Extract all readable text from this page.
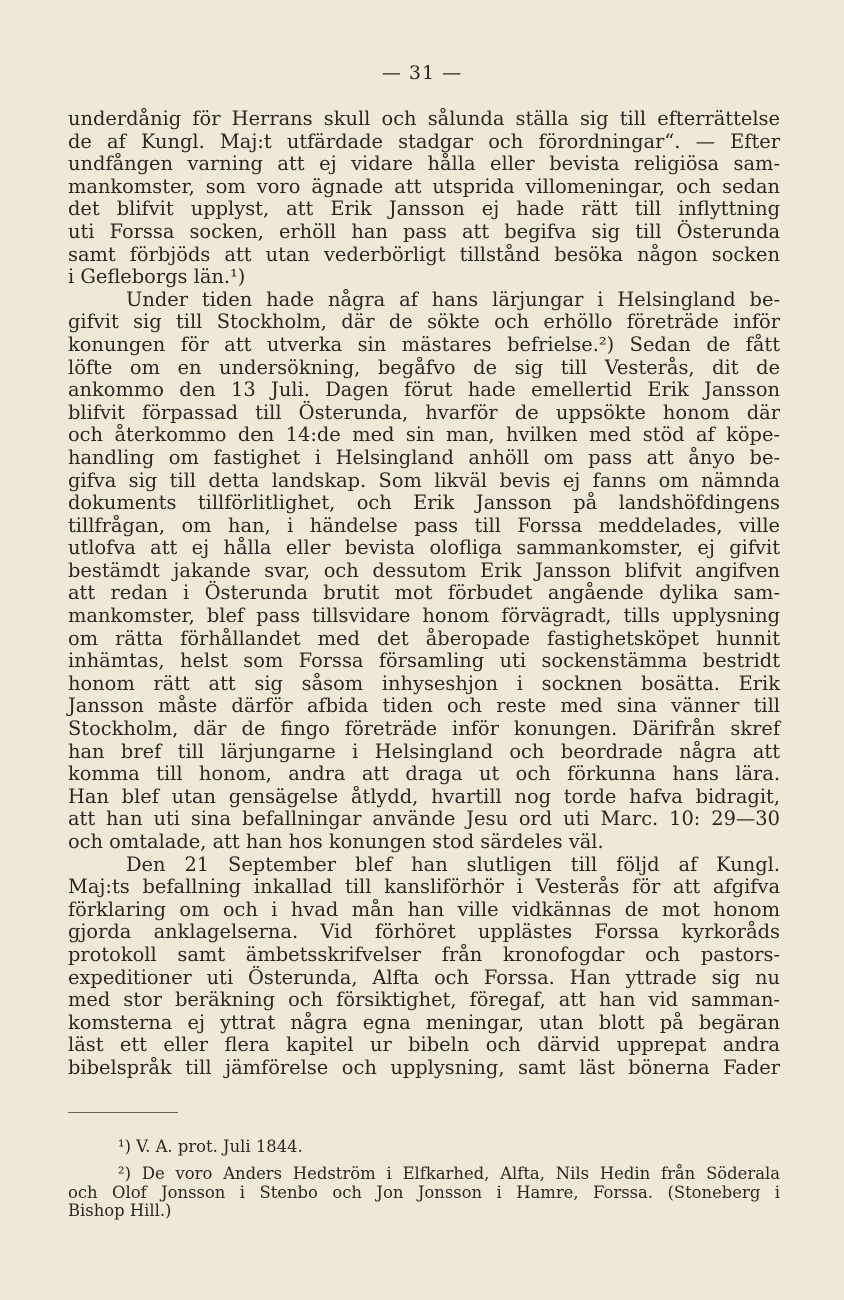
— 31 —
underdånig för Herrans skull och sålunda ställa sig till efterrättelse
de af Kungl. Maj:t utfärdade stadgar och förordningar“. — Efter
undfången varning att ej vidare hålla eller bevista religiösa sam-
mankomster, som voro ägnade att utsprida villomeningar, och sedan
det blifvit upplyst, att Erik Jansson ej hade rätt till inflyttning
uti Forssa socken, erhöll han pass att begifva sig till Österunda
samt förbjöds att utan vederbörligt tillstånd besöka någon socken
i Gefleborgs län.¹)
Under tiden hade några af hans lärjungar i Helsingland be-
gifvit sig till Stockholm, där de sökte och erhöllo företräde inför
konungen för att utverka sin mästares befrielse.²) Sedan de fått
löfte om en undersökning, begåfvo de sig till Vesterås, dit de
ankommo den 13 Juli. Dagen förut hade emellertid Erik Jansson
blifvit förpassad till Österunda, hvarför de uppsökte honom där
och återkommo den 14:de med sin man, hvilken med stöd af köpe-
handling om fastighet i Helsingland anhöll om pass att ånyo be-
gifva sig till detta landskap. Som likväl bevis ej fanns om nämnda
dokuments tillförlitlighet, och Erik Jansson på landshöfdingens
tillfrågan, om han, i händelse pass till Forssa meddelades, ville
utlofva att ej hålla eller bevista olofliga sammankomster, ej gifvit
bestämdt jakande svar, och dessutom Erik Jansson blifvit angifven
att redan i Österunda brutit mot förbudet angående dylika sam-
mankomster, blef pass tillsvidare honom förvägradt, tills upplysning
om rätta förhållandet med det åberopade fastighetsköpet hunnit
inhämtas, helst som Forssa församling uti sockenstämma bestridt
honom rätt att sig såsom inhyseshjon i socknen bosätta. Erik
Jansson måste därför afbida tiden och reste med sina vänner till
Stockholm, där de fingo företräde inför konungen. Därifrån skref
han bref till lärjungarne i Helsingland och beordrade några att
komma till honom, andra att draga ut och förkunna hans lära.
Han blef utan gensägelse åtlydd, hvartill nog torde hafva bidragit,
att han uti sina befallningar använde Jesu ord uti Marc. 10: 29—30
och omtalade, att han hos konungen stod särdeles väl.
Den 21 September blef han slutligen till följd af Kungl.
Maj:ts befallning inkallad till kansliförhör i Vesterås för att afgifva
förklaring om och i hvad mån han ville vidkännas de mot honom
gjorda anklagelserna. Vid förhöret upplästes Forssa kyrkoråds
protokoll samt ämbetsskrifvelser från kronofogdar och pastors-
expeditioner uti Österunda, Alfta och Forssa. Han yttrade sig nu
med stor beräkning och försiktighet, föregaf, att han vid samman-
komsterna ej yttrat några egna meningar, utan blott på begäran
läst ett eller flera kapitel ur bibeln och därvid upprepat andra
bibelspråk till jämförelse och upplysning, samt läst bönerna Fader
¹) V. A. prot. Juli 1844.
²) De voro Anders Hedström i Elfkarhed, Alfta, Nils Hedin från Söderala
och Olof Jonsson i Stenbo och Jon Jonsson i Hamre, Forssa. (Stoneberg i
Bishop Hill.)
